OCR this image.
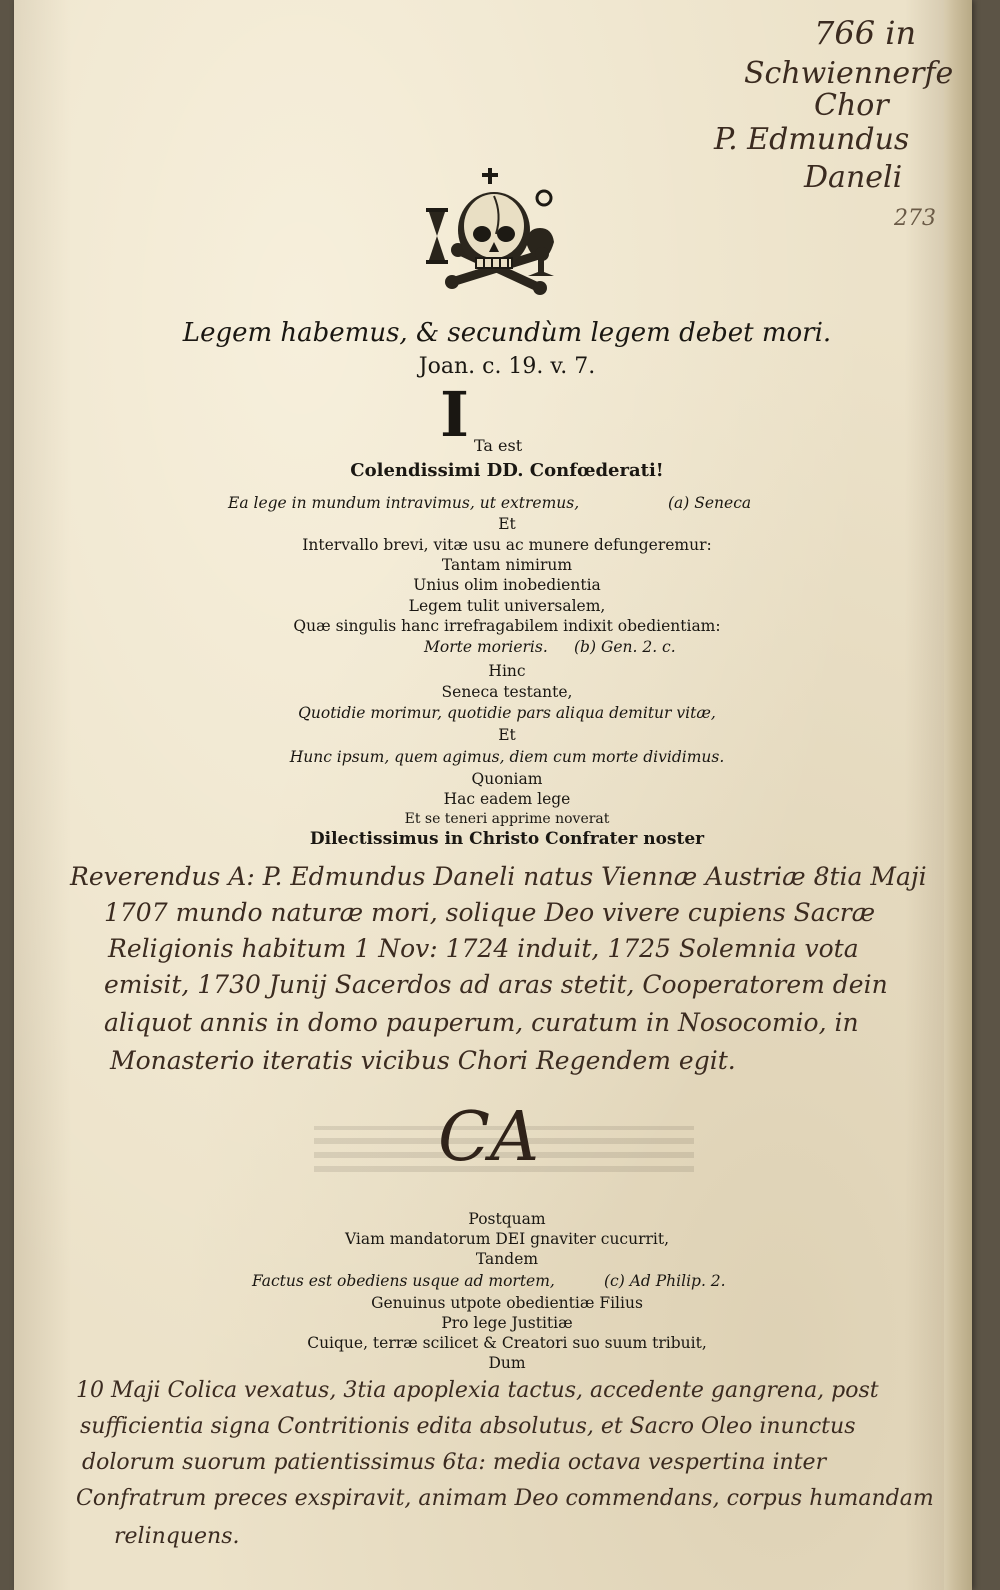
766 in
Schwiennerfe
Chor
P. Edmundus
Daneli
273
Legem habemus, & secundùm legem debet mori.
Joan. c. 19. v. 7.
I Ta est
Colendissimi DD. Confœderati!
Ea lege in mundum intravimus, ut extremus,	(a) Seneca
Et
Intervallo brevi, vitæ usu ac munere defungeremur:
Tantam nimirum
Unius olim inobedientia
Legem tulit universalem,
Quæ singulis hanc irrefragabilem indixit obedientiam:
Morte morieris. (b) Gen. 2. c.
Hinc
Seneca testante,
Quotidie morimur, quotidie pars aliqua demitur vitæ,
Et
Hunc ipsum, quem agimus, diem cum morte dividimus.
Quoniam
Hac eadem lege
Et se teneri apprime noverat
Dilectissimus in Christo Confrater noster
Reverendus A: P. Edmundus Daneli natus Viennæ Austriæ 8tia Maji
1707 mundo naturæ mori, solique Deo vivere cupiens Sacræ
Religionis habitum 1 Nov: 1724 induit, 1725 Solemnia vota
emisit, 1730 Junij Sacerdos ad aras stetit, Cooperatorem dein
aliquot annis in domo pauperum, curatum in Nosocomio, in
Monasterio iteratis vicibus Chori Regendem egit.
CA
Postquam
Viam mandatorum DEI gnaviter cucurrit,
Tandem
Factus est obediens usque ad mortem,	(c) Ad Philip. 2.
Genuinus utpote obedientiæ Filius
Pro lege Justitiæ
Cuique, terræ scilicet & Creatori suo suum tribuit,
Dum
10 Maji Colica vexatus, 3tia apoplexia tactus, accedente gangrena, post
sufficientia signa Contritionis edita absolutus, et Sacro Oleo inunctus
dolorum suorum patientissimus 6ta: media octava vespertina inter
Confratrum preces exspiravit, animam Deo commendans, corpus humandam
relinquens.
